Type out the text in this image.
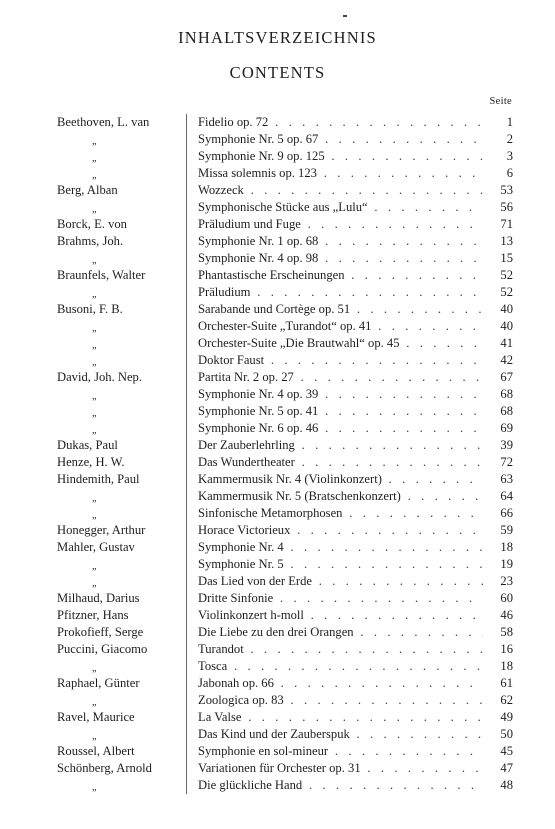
INHALTSVERZEICHNIS
CONTENTS
Seite
Beethoven, L. van	Fidelio op. 72 . . .	1
„	Symphonie Nr. 5 op. 67 . . .	2
„	Symphonie Nr. 9 op. 125 . . .	3
„	Missa solemnis op. 123 . . .	6
Berg, Alban	Wozzeck . . .	53
„	Symphonische Stücke aus „Lulu“ . . .	56
Borck, E. von	Präludium und Fuge . . .	71
Brahms, Joh.	Symphonie Nr. 1 op. 68 . . .	13
„	Symphonie Nr. 4 op. 98 . . .	15
Braunfels, Walter	Phantastische Erscheinungen . . .	52
„	Präludium . . .	52
Busoni, F. B.	Sarabande und Cortège op. 51 . . .	40
„	Orchester-Suite „Turandot“ op. 41 . . .	40
„	Orchester-Suite „Die Brautwahl“ op. 45 . . .	41
„	Doktor Faust . . .	42
David, Joh. Nep.	Partita Nr. 2 op. 27 . . .	67
„	Symphonie Nr. 4 op. 39 . . .	68
„	Symphonie Nr. 5 op. 41 . . .	68
„	Symphonie Nr. 6 op. 46 . . .	69
Dukas, Paul	Der Zauberlehrling . . .	39
Henze, H. W.	Das Wundertheater . . .	72
Hindemith, Paul	Kammermusik Nr. 4 (Violinkonzert) . . .	63
„	Kammermusik Nr. 5 (Bratschenkonzert) . . .	64
„	Sinfonische Metamorphosen . . .	66
Honegger, Arthur	Horace Victorieux . . .	59
Mahler, Gustav	Symphonie Nr. 4 . . .	18
„	Symphonie Nr. 5 . . .	19
„	Das Lied von der Erde . . .	23
Milhaud, Darius	Dritte Sinfonie . . .	60
Pfitzner, Hans	Violinkonzert h-moll . . .	46
Prokofieff, Serge	Die Liebe zu den drei Orangen . . .	58
Puccini, Giacomo	Turandot . . .	16
„	Tosca . . .	18
Raphael, Günter	Jabonah op. 66 . . .	61
„	Zoologica op. 83 . . .	62
Ravel, Maurice	La Valse . . .	49
„	Das Kind und der Zauberspuk . . .	50
Roussel, Albert	Symphonie en sol-mineur . . .	45
Schönberg, Arnold	Variationen für Orchester op. 31 . . .	47
„	Die glückliche Hand . . .	48
